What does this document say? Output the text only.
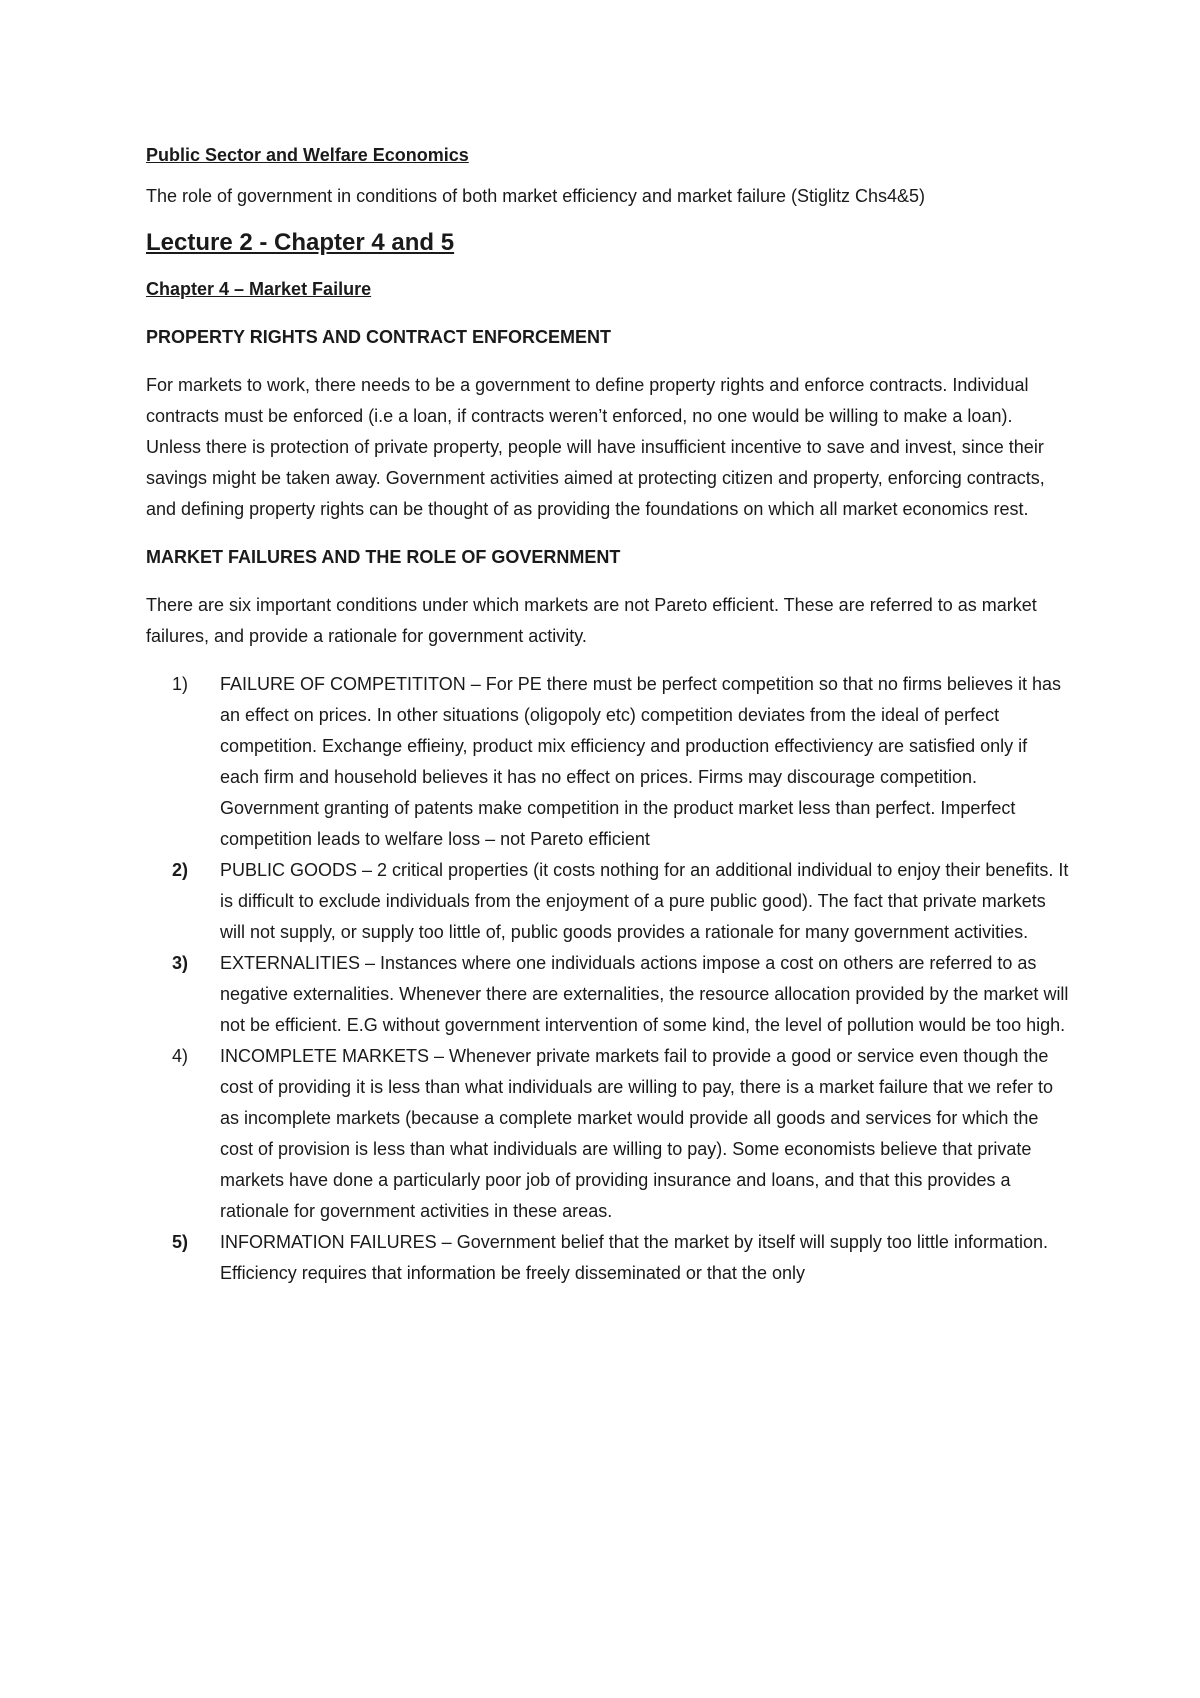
Public Sector and Welfare Economics

The role of government in conditions of both market efficiency and market failure (Stiglitz Chs4&5)

Lecture 2 - Chapter 4 and 5

Chapter 4 – Market Failure

PROPERTY RIGHTS AND CONTRACT ENFORCEMENT

For markets to work, there needs to be a government to define property rights and enforce contracts. Individual contracts must be enforced (i.e a loan, if contracts weren’t enforced, no one would be willing to make a loan). Unless there is protection of private property, people will have insufficient incentive to save and invest, since their savings might be taken away. Government activities aimed at protecting citizen and property, enforcing contracts, and defining property rights can be thought of as providing the foundations on which all market economics rest.

MARKET FAILURES AND THE ROLE OF GOVERNMENT

There are six important conditions under which markets are not Pareto efficient. These are referred to as market failures, and provide a rationale for government activity.

1) FAILURE OF COMPETITITON – For PE there must be perfect competition so that no firms believes it has an effect on prices. In other situations (oligopoly etc) competition deviates from the ideal of perfect competition. Exchange effieiny, product mix efficiency and production effectiviency are satisfied only if each firm and household believes it has no effect on prices. Firms may discourage competition. Government granting of patents make competition in the product market less than perfect. Imperfect competition leads to welfare loss – not Pareto efficient
2) PUBLIC GOODS – 2 critical properties (it costs nothing for an additional individual to enjoy their benefits. It is difficult to exclude individuals from the enjoyment of a pure public good). The fact that private markets will not supply, or supply too little of, public goods provides a rationale for many government activities.
3) EXTERNALITIES – Instances where one individuals actions impose a cost on others are referred to as negative externalities. Whenever there are externalities, the resource allocation provided by the market will not be efficient. E.G without government intervention of some kind, the level of pollution would be too high.
4) INCOMPLETE MARKETS – Whenever private markets fail to provide a good or service even though the cost of providing it is less than what individuals are willing to pay, there is a market failure that we refer to as incomplete markets (because a complete market would provide all goods and services for which the cost of provision is less than what individuals are willing to pay). Some economists believe that private markets have done a particularly poor job of providing insurance and loans, and that this provides a rationale for government activities in these areas.
5) INFORMATION FAILURES – Government belief that the market by itself will supply too little information. Efficiency requires that information be freely disseminated or that the only
